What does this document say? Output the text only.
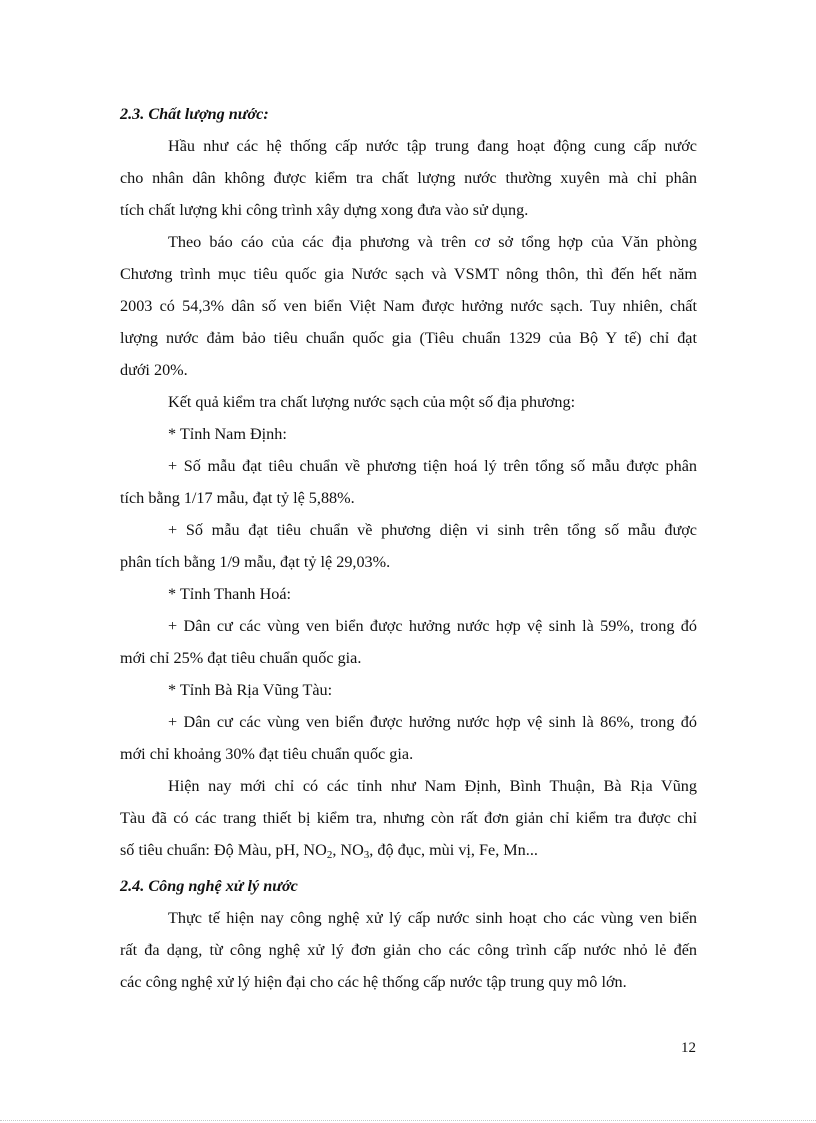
2.3. Chất lượng nước:
Hầu như các hệ thống cấp nước tập trung đang hoạt động cung cấp nước
cho nhân dân không được kiểm tra chất lượng nước thường xuyên mà chỉ phân
tích chất lượng khi công trình xây dựng xong đưa vào sử dụng.
Theo báo cáo của các địa phương và trên cơ sở tổng hợp của Văn phòng
Chương trình mục tiêu quốc gia Nước sạch và VSMT nông thôn, thì đến hết năm
2003 có 54,3% dân số ven biển Việt Nam được hưởng nước sạch. Tuy nhiên, chất
lượng nước đảm bảo tiêu chuẩn quốc gia (Tiêu chuẩn 1329 của Bộ Y tế) chỉ đạt
dưới 20%.
Kết quả kiểm tra chất lượng nước sạch của một số địa phương:
* Tỉnh Nam Định:
+ Số mẫu đạt tiêu chuẩn về phương tiện hoá lý trên tổng số mẫu được phân
tích bằng 1/17 mẫu, đạt tỷ lệ 5,88%.
+ Số mẫu đạt tiêu chuẩn về phương diện vi sinh trên tổng số mẫu được
phân tích bằng 1/9 mẫu, đạt tỷ lệ 29,03%.
* Tỉnh Thanh Hoá:
+ Dân cư các vùng ven biển được hưởng nước hợp vệ sinh là 59%, trong đó
mới chỉ 25% đạt tiêu chuẩn quốc gia.
* Tỉnh Bà Rịa Vũng Tàu:
+ Dân cư các vùng ven biển được hưởng nước hợp vệ sinh là 86%, trong đó
mới chỉ khoảng 30% đạt tiêu chuẩn quốc gia.
Hiện nay mới chỉ có các tỉnh như Nam Định, Bình Thuận, Bà Rịa Vũng
Tàu đã có các trang thiết bị kiểm tra, nhưng còn rất đơn giản chỉ kiểm tra được chỉ
số tiêu chuẩn: Độ Màu, pH, $NO_2$, $NO_3$, độ đục, mùi vị, Fe, Mn...
2.4. Công nghệ xử lý nước
Thực tế hiện nay công nghệ xử lý cấp nước sinh hoạt cho các vùng ven biển
rất đa dạng, từ công nghệ xử lý đơn giản cho các công trình cấp nước nhỏ lẻ đến
các công nghệ xử lý hiện đại cho các hệ thống cấp nước tập trung quy mô lớn.
12
